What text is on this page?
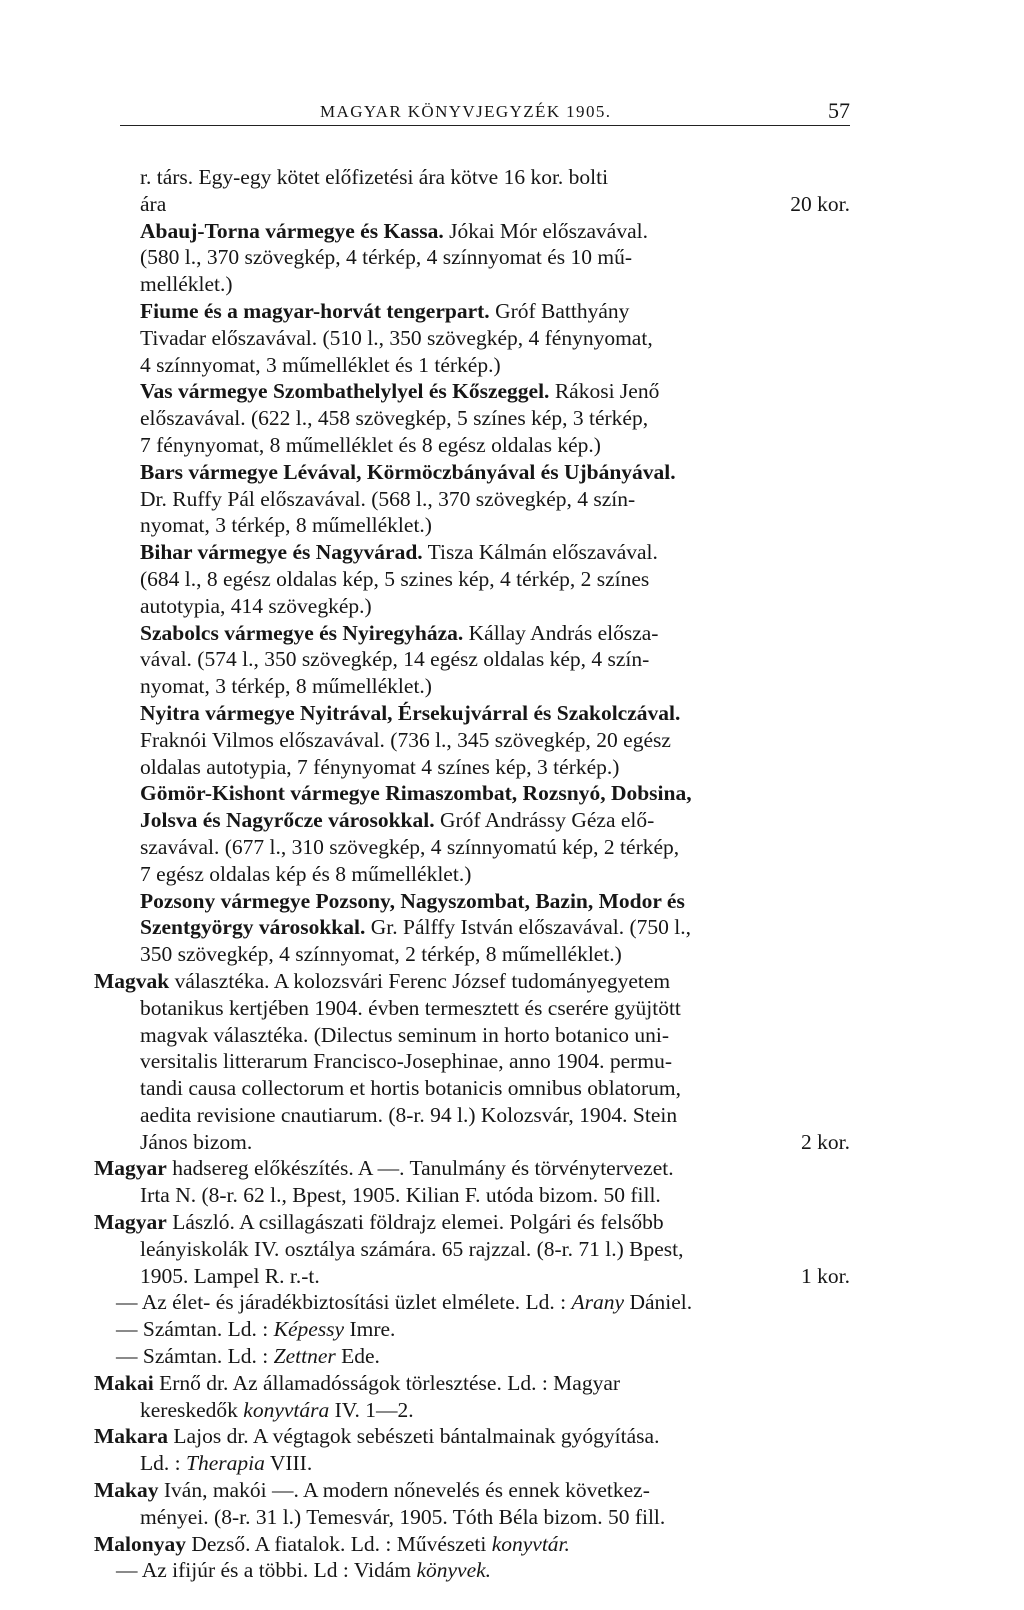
MAGYAR KÖNYVJEGYZÉK 1905.	57
r. társ. Egy-egy kötet előfizetési ára kötve 16 kor. bolti
ára	20 kor.
Abauj-Torna vármegye és Kassa. Jókai Mór előszavával.
(580 l., 370 szövegkép, 4 térkép, 4 színnyomat és 10 mű-
melléklet.)
Fiume és a magyar-horvát tengerpart. Gróf Batthyány
Tivadar előszavával. (510 l., 350 szövegkép, 4 fénynyomat,
4 színnyomat, 3 műmelléklet és 1 térkép.)
Vas vármegye Szombathelylyel és Kőszeggel. Rákosi Jenő
előszavával. (622 l., 458 szövegkép, 5 színes kép, 3 térkép,
7 fénynyomat, 8 műmelléklet és 8 egész oldalas kép.)
Bars vármegye Lévával, Körmöczbányával és Ujbányával.
Dr. Ruffy Pál előszavával. (568 l., 370 szövegkép, 4 szín-
nyomat, 3 térkép, 8 műmelléklet.)
Bihar vármegye és Nagyvárad. Tisza Kálmán előszavával.
(684 l., 8 egész oldalas kép, 5 szines kép, 4 térkép, 2 színes
autotypia, 414 szövegkép.)
Szabolcs vármegye és Nyiregyháza. Kállay András elősza-
vával. (574 l., 350 szövegkép, 14 egész oldalas kép, 4 szín-
nyomat, 3 térkép, 8 műmelléklet.)
Nyitra vármegye Nyitrával, Érsekujvárral és Szakolczával.
Fraknói Vilmos előszavával. (736 l., 345 szövegkép, 20 egész
oldalas autotypia, 7 fénynyomat 4 színes kép, 3 térkép.)
Gömör-Kishont vármegye Rimaszombat, Rozsnyó, Dobsina,
Jolsva és Nagyrőcze városokkal. Gróf Andrássy Géza elő-
szavával. (677 l., 310 szövegkép, 4 színnyomatú kép, 2 térkép,
7 egész oldalas kép és 8 műmelléklet.)
Pozsony vármegye Pozsony, Nagyszombat, Bazin, Modor és
Szentgyörgy városokkal. Gr. Pálffy István előszavával. (750 l.,
350 szövegkép, 4 színnyomat, 2 térkép, 8 műmelléklet.)
Magvak választéka. A kolozsvári Ferenc József tudományegyetem
botanikus kertjében 1904. évben termesztett és cserére gyüjtött
magvak választéka. (Dilectus seminum in horto botanico uni-
versitalis litterarum Francisco-Josephinae, anno 1904. permu-
tandi causa collectorum et hortis botanicis omnibus oblatorum,
aedita revisione cnautiarum. (8-r. 94 l.) Kolozsvár, 1904. Stein
János bizom.	2 kor.
Magyar hadsereg előkészítés. A —. Tanulmány és törvénytervezet.
Irta N. (8-r. 62 l., Bpest, 1905. Kilian F. utóda bizom. 50 fill.
Magyar László. A csillagászati földrajz elemei. Polgári és felsőbb
leányiskolák IV. osztálya számára. 65 rajzzal. (8-r. 71 l.) Bpest,
1905. Lampel R. r.-t.	1 kor.
— Az élet- és járadékbiztosítási üzlet elmélete. Ld. : Arany Dániel.
— Számtan. Ld. : Képessy Imre.
— Számtan. Ld. : Zettner Ede.
Makai Ernő dr. Az államadósságok törlesztése. Ld. : Magyar
kereskedők konyvtára IV. 1—2.
Makara Lajos dr. A végtagok sebészeti bántalmainak gyógyítása.
Ld. : Therapia VIII.
Makay Iván, makói —. A modern nőnevelés és ennek következ-
ményei. (8-r. 31 l.) Temesvár, 1905. Tóth Béla bizom. 50 fill.
Malonyay Dezső. A fiatalok. Ld. : Művészeti konyvtár.
— Az ifijúr és a többi. Ld : Vidám könyvek.
